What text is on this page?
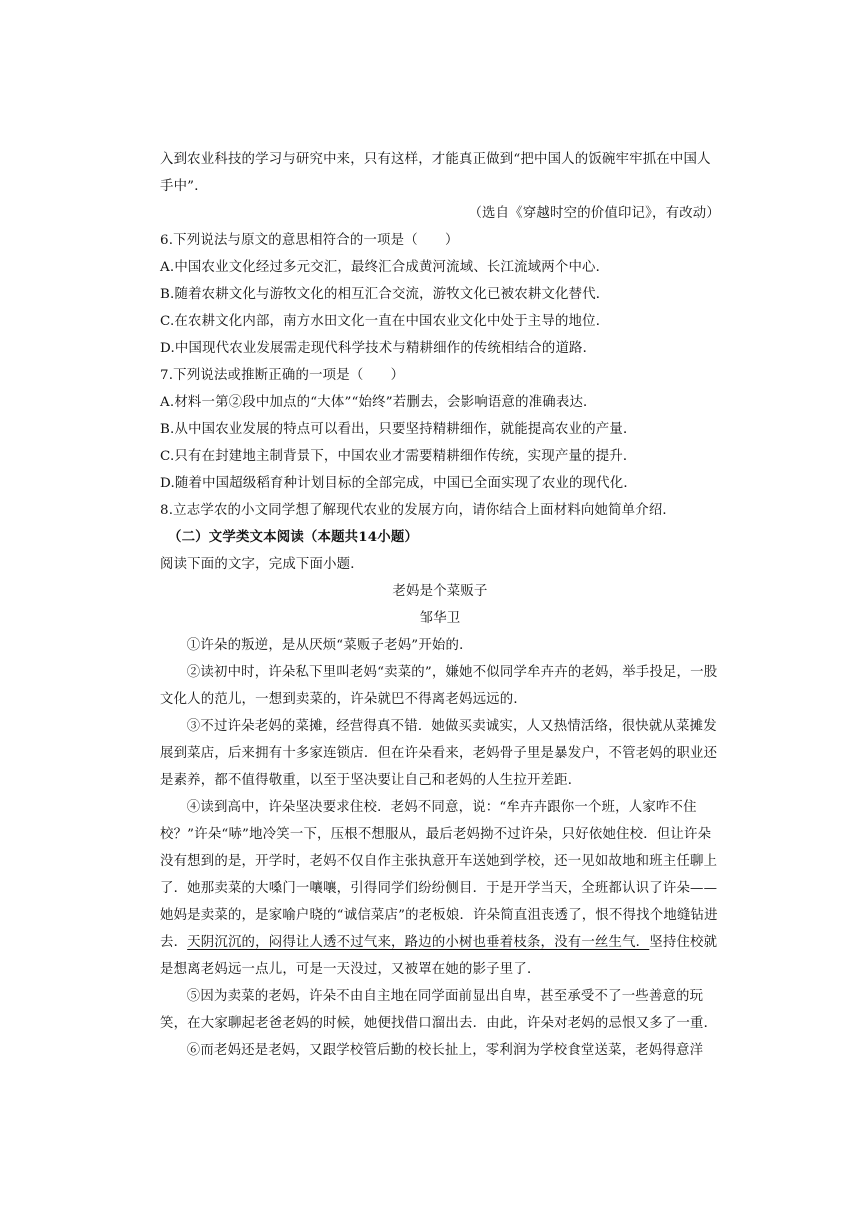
入到农业科技的学习与研究中来，只有这样，才能真正做到“把中国人的饭碗牢牢抓在中国人手中”．

（选自《穿越时空的价值印记》，有改动）

6.下列说法与原文的意思相符合的一项是（　　）

A.中国农业文化经过多元交汇，最终汇合成黄河流域、长江流域两个中心．

B.随着农耕文化与游牧文化的相互汇合交流，游牧文化已被农耕文化替代．

C.在农耕文化内部，南方水田文化一直在中国农业文化中处于主导的地位．

D.中国现代农业发展需走现代科学技术与精耕细作的传统相结合的道路．

7.下列说法或推断正确的一项是（　　）

A.材料一第②段中加点的“大体”“始终”若删去，会影响语意的准确表达．

B.从中国农业发展的特点可以看出，只要坚持精耕细作，就能提高农业的产量．

C.只有在封建地主制背景下，中国农业才需要精耕细作传统，实现产量的提升．

D.随着中国超级稻育种计划目标的全部完成，中国已全面实现了农业的现代化．

8.立志学农的小文同学想了解现代农业的发展方向，请你结合上面材料向她简单介绍．

（二）文学类文本阅读（本题共14小题）

阅读下面的文字，完成下面小题．

老妈是个菜贩子

邹华卫

①许朵的叛逆，是从厌烦“菜贩子老妈”开始的．

②读初中时，许朵私下里叫老妈“卖菜的”，嫌她不似同学牟卉卉的老妈，举手投足，一股文化人的范儿，一想到卖菜的，许朵就巴不得离老妈远远的．

③不过许朵老妈的菜摊，经营得真不错．她做买卖诚实，人又热情活络，很快就从菜摊发展到菜店，后来拥有十多家连锁店．但在许朵看来，老妈骨子里是暴发户，不管老妈的职业还是素养，都不值得敬重，以至于坚决要让自己和老妈的人生拉开差距．

④读到高中，许朵坚决要求住校．老妈不同意，说：“牟卉卉跟你一个班，人家咋不住校？”许朵“哧”地冷笑一下，压根不想服从，最后老妈拗不过许朵，只好依她住校．但让许朵没有想到的是，开学时，老妈不仅自作主张执意开车送她到学校，还一见如故地和班主任聊上了．她那卖菜的大嗓门一嚷嚷，引得同学们纷纷侧目．于是开学当天，全班都认识了许朵——她妈是卖菜的，是家喻户晓的“诚信菜店”的老板娘．许朵简直沮丧透了，恨不得找个地缝钻进去．天阴沉沉的，闷得让人透不过气来，路边的小树也垂着枝条，没有一丝生气．坚持住校就是想离老妈远一点儿，可是一天没过，又被罩在她的影子里了．

⑤因为卖菜的老妈，许朵不由自主地在同学面前显出自卑，甚至承受不了一些善意的玩笑，在大家聊起老爸老妈的时候，她便找借口溜出去．由此，许朵对老妈的忌恨又多了一重．

⑥而老妈还是老妈，又跟学校管后勤的校长扯上，零利润为学校食堂送菜，老妈得意洋
